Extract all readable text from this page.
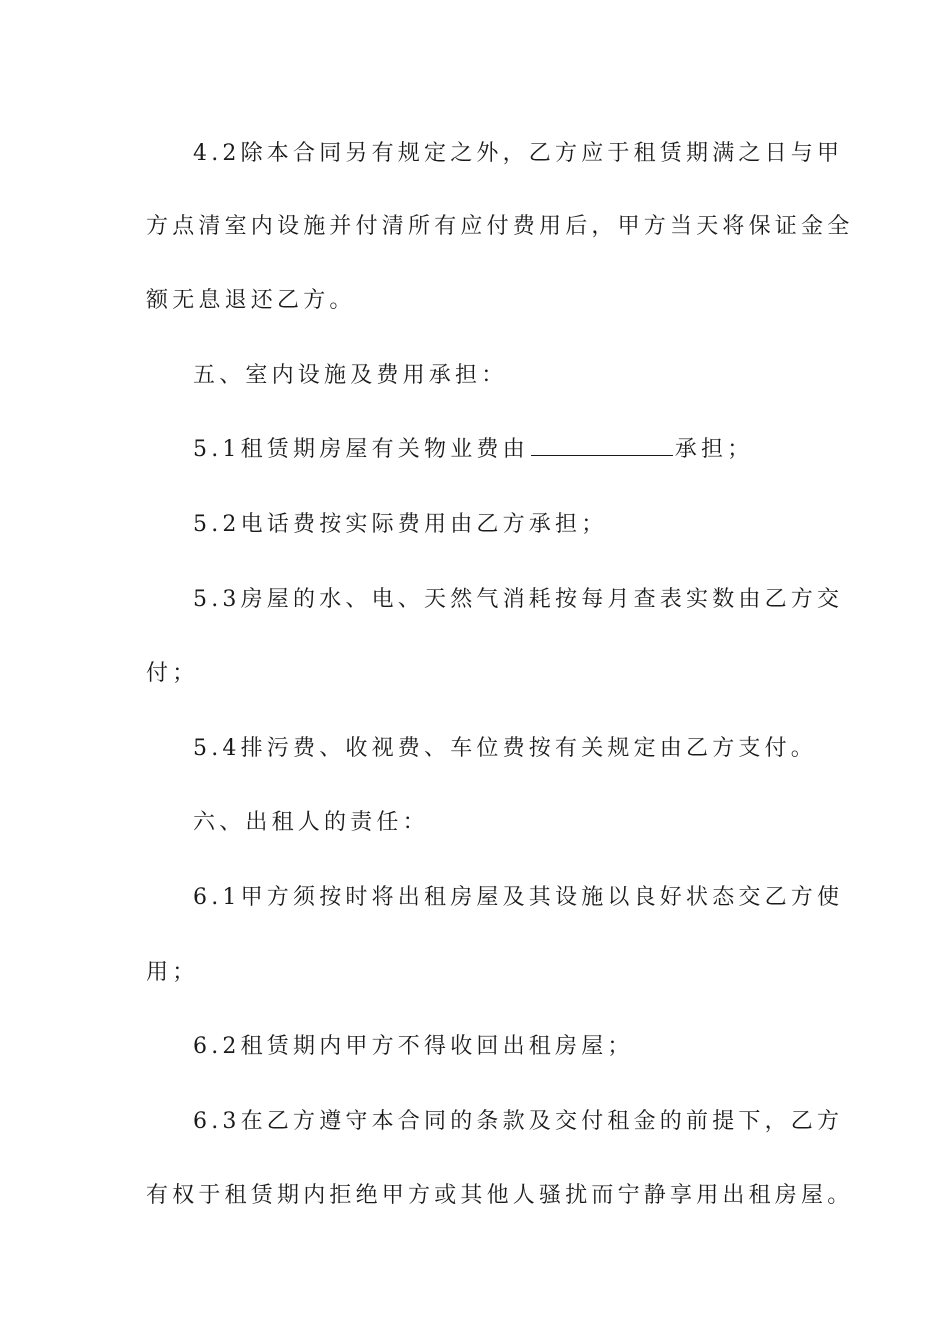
4.2除本合同另有规定之外，乙方应于租赁期满之日与甲
方点清室内设施并付清所有应付费用后，甲方当天将保证金全
额无息退还乙方。
五、室内设施及费用承担：
5.1租赁期房屋有关物业费由	承担；
5.2电话费按实际费用由乙方承担；
5.3房屋的水、电、天然气消耗按每月查表实数由乙方交
付；
5.4排污费、收视费、车位费按有关规定由乙方支付。
六、出租人的责任：
6.1甲方须按时将出租房屋及其设施以良好状态交乙方使
用；
6.2租赁期内甲方不得收回出租房屋；
6.3在乙方遵守本合同的条款及交付租金的前提下，乙方
有权于租赁期内拒绝甲方或其他人骚扰而宁静享用出租房屋。
